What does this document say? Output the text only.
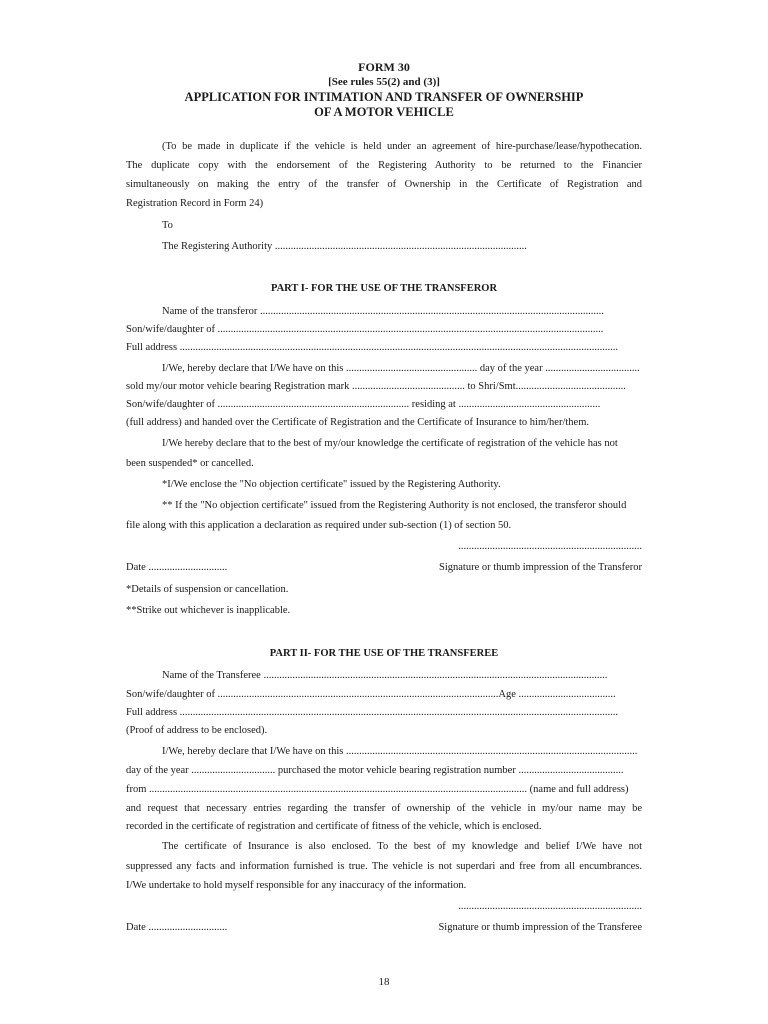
FORM 30
[See rules 55(2) and (3)]
APPLICATION FOR INTIMATION AND TRANSFER OF OWNERSHIP
OF A MOTOR VEHICLE
(To be made in duplicate if the vehicle is held under an agreement of hire-purchase/lease/hypothecation.
The duplicate copy with the endorsement of the Registering Authority to be returned to the Financier
simultaneously on making the entry of the transfer of Ownership in the Certificate of Registration and
Registration Record in Form 24)
To
The Registering Authority ................................................................................................
PART I- FOR THE USE OF THE TRANSFEROR
Name of the transferor ...................................................................................................................................
Son/wife/daughter of ...................................................................................................................................................
Full address .......................................................................................................................................................................
I/We, hereby declare that I/We have on this .................................................. day of the year ....................................
sold my/our motor vehicle bearing Registration mark ........................................... to Shri/Smt..........................................
Son/wife/daughter of ......................................................................... residing at ......................................................
(full address) and handed over the Certificate of Registration and the Certificate of Insurance to him/her/them.
I/We hereby declare that to the best of my/our knowledge the certificate of registration of the vehicle has not
been suspended* or cancelled.
*I/We enclose the "No objection certificate" issued by the Registering Authority.
** If the "No objection certificate" issued from the Registering Authority is not enclosed, the transferor should
file along with this application a declaration as required under sub-section (1) of section 50.
......................................................................
Date ..............................	Signature or thumb impression of the Transferor
*Details of suspension or cancellation.
**Strike out whichever is inapplicable.
PART II- FOR THE USE OF THE TRANSFEREE
Name of the Transferee ...................................................................................................................................
Son/wife/daughter of ...........................................................................................................Age .....................................
Full address .......................................................................................................................................................................
(Proof of address to be enclosed).
I/We, hereby declare that I/We have on this ...............................................................................................................
day of the year ................................ purchased the motor vehicle bearing registration number ........................................
from ................................................................................................................................................ (name and full address)
and request that necessary entries regarding the transfer of ownership of the vehicle in my/our name may be
recorded in the certificate of registration and certificate of fitness of the vehicle, which is enclosed.
The certificate of Insurance is also enclosed. To the best of my knowledge and belief I/We have not
suppressed any facts and information furnished is true. The vehicle is not superdari and free from all encumbrances.
I/We undertake to hold myself responsible for any inaccuracy of the information.
......................................................................
Date ..............................	Signature or thumb impression of the Transferee
18
